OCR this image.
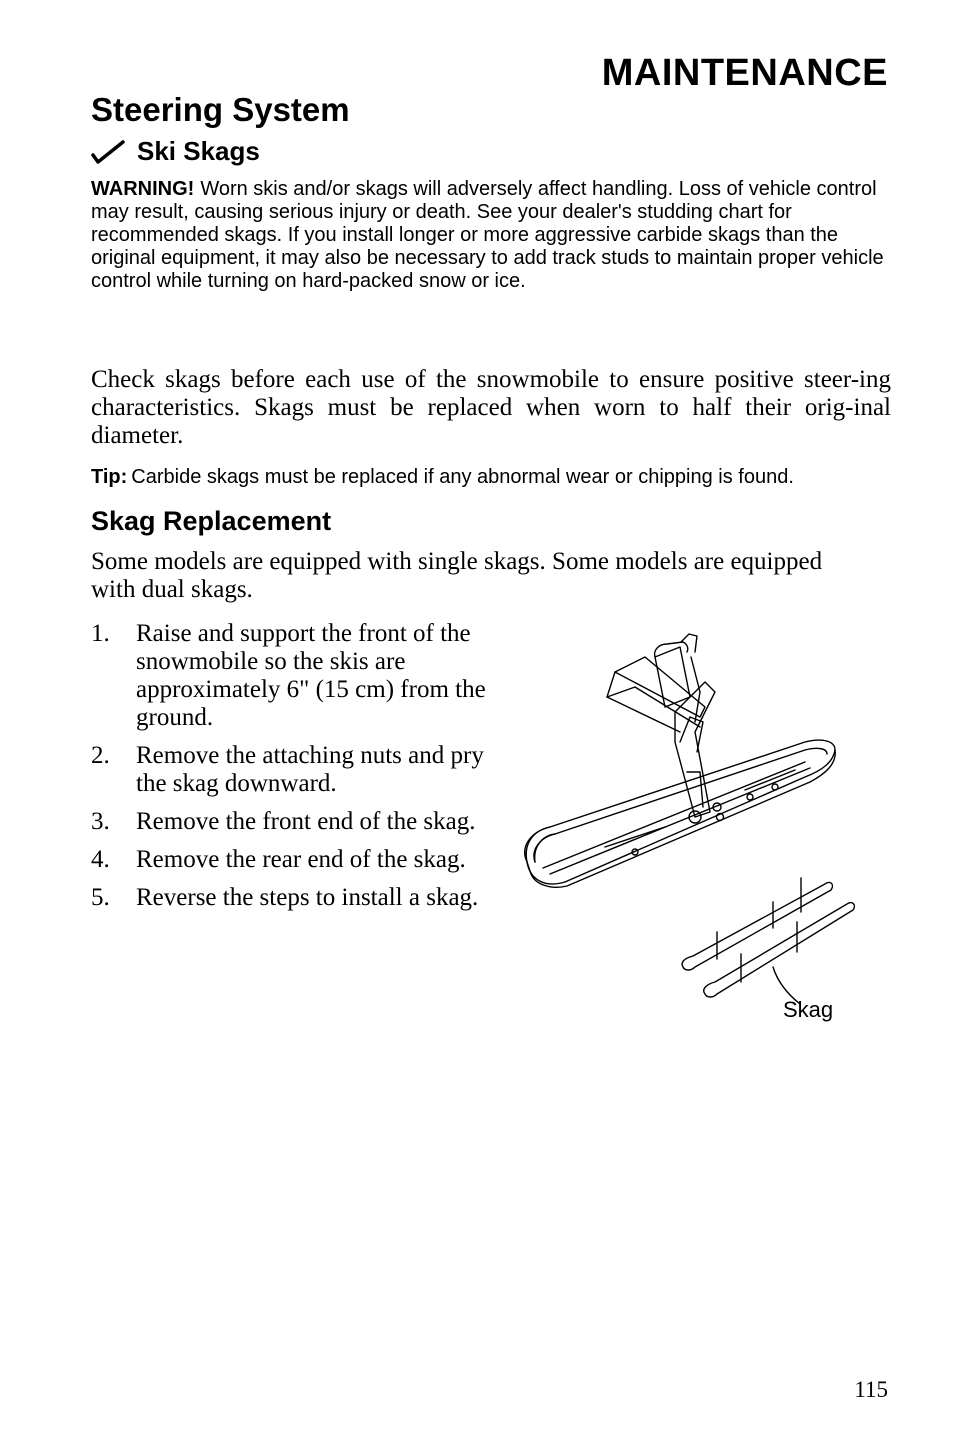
MAINTENANCE
Steering System
Ski Skags
WARNING! Worn skis and/or skags will adversely affect handling. Loss of vehicle control may result, causing serious injury or death. See your dealer's studding chart for recommended skags. If you install longer or more aggressive carbide skags than the original equipment, it may also be necessary to add track studs to maintain proper vehicle control while turning on hard-packed snow or ice.
Check skags before each use of the snowmobile to ensure positive steer-ing characteristics. Skags must be replaced when worn to half their orig-inal diameter.
Tip: Carbide skags must be replaced if any abnormal wear or chipping is found.
Skag Replacement
Some models are equipped with single skags. Some models are equipped with dual skags.
1.	Raise and support the front of the snowmobile so the skis are approximately 6" (15 cm) from the ground.
2.	Remove the attaching nuts and pry the skag downward.
3.	Remove the front end of the skag.
4.	Remove the rear end of the skag.
5.	Reverse the steps to install a skag.
Skag
115
